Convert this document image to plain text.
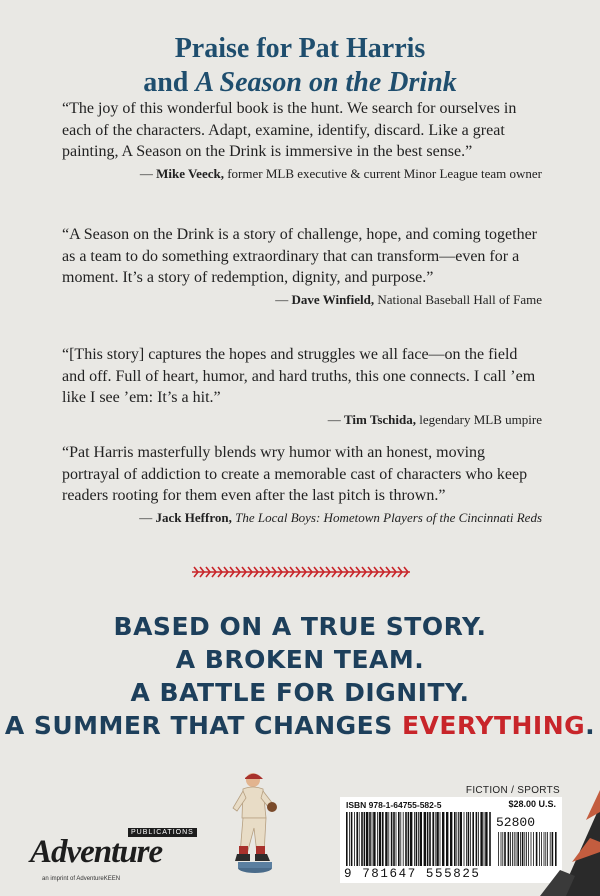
Praise for Pat Harris
and A Season on the Drink

“The joy of this wonderful book is the hunt. We search for ourselves in each of the characters. Adapt, examine, identify, discard. Like a great painting, A Season on the Drink is immersive in the best sense.”

— Mike Veeck, former MLB executive & current Minor League team owner

“A Season on the Drink is a story of challenge, hope, and coming together as a team to do something extraordinary that can transform—even for a moment. It’s a story of redemption, dignity, and purpose.”

— Dave Winfield, National Baseball Hall of Fame

“[This story] captures the hopes and struggles we all face—on the field and off. Full of heart, humor, and hard truths, this one connects. I call ’em like I see ’em: It’s a hit.”

— Tim Tschida, legendary MLB umpire

“Pat Harris masterfully blends wry humor with an honest, moving portrayal of addiction to create a memorable cast of characters who keep readers rooting for them even after the last pitch is thrown.”

— Jack Heffron, The Local Boys: Hometown Players of the Cincinnati Reds
BASED ON A TRUE STORY.
A BROKEN TEAM.
A BATTLE FOR DIGNITY.
A SUMMER THAT CHANGES EVERYTHING.
PUBLICATIONS
Adventure
an imprint of AdventureKEEN
FICTION / SPORTS
ISBN 978-1-64755-582-5	$28.00 U.S.
52800
9 781647 555825
